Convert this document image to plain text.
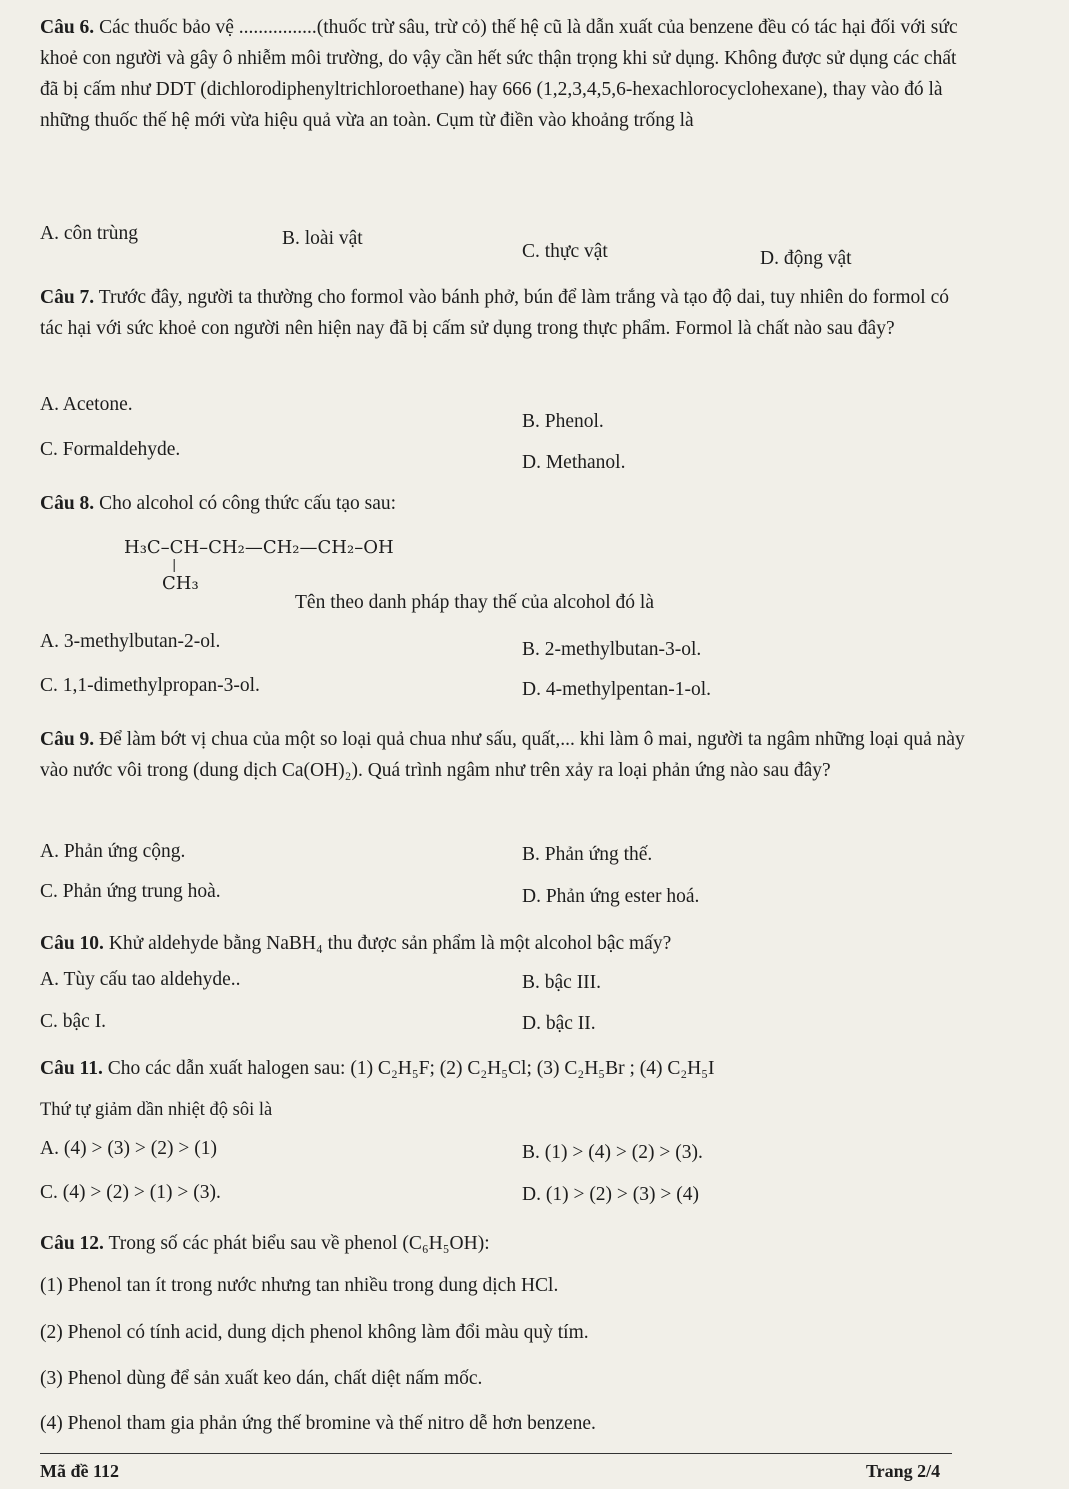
Câu 6. Các thuốc bảo vệ ................(thuốc trừ sâu, trừ cỏ) thế hệ cũ là dẫn xuất của benzene đều có tác hại đối với sức khoẻ con người và gây ô nhiễm môi trường, do vậy cần hết sức thận trọng khi sử dụng. Không được sử dụng các chất đã bị cấm như DDT (dichlorodiphenyltrichloroethane) hay 666 (1,2,3,4,5,6-hexachlorocyclohexane), thay vào đó là những thuốc thế hệ mới vừa hiệu quả vừa an toàn. Cụm từ điền vào khoảng trống là
A. côn trùng	B. loài vật
C. thực vật	D. động vật
Câu 7. Trước đây, người ta thường cho formol vào bánh phở, bún để làm trắng và tạo độ dai, tuy nhiên do formol có tác hại với sức khoẻ con người nên hiện nay đã bị cấm sử dụng trong thực phẩm. Formol là chất nào sau đây?
A. Acetone.
B. Phenol.
C. Formaldehyde.
D. Methanol.
Câu 8. Cho alcohol có công thức cấu tạo sau:
H₃C–CH–CH₂—CH₂—CH₂–OH
|
CH₃
Tên theo danh pháp thay thế của alcohol đó là
A. 3-methylbutan-2-ol.	B. 2-methylbutan-3-ol.
C. 1,1-dimethylpropan-3-ol.	D. 4-methylpentan-1-ol.
Câu 9. Để làm bớt vị chua của một so loại quả chua như sấu, quất,... khi làm ô mai, người ta ngâm những loại quả này vào nước vôi trong (dung dịch Ca(OH)₂). Quá trình ngâm như trên xảy ra loại phản ứng nào sau đây?
A. Phản ứng cộng.	B. Phản ứng thế.
C. Phản ứng trung hoà.	D. Phản ứng ester hoá.
Câu 10. Khử aldehyde bằng NaBH₄ thu được sản phẩm là một alcohol bậc mấy?
A. Tùy cấu tao aldehyde..	B. bậc III.
C. bậc I.	D. bậc II.
Câu 11. Cho các dẫn xuất halogen sau: (1) C₂H₅F; (2) C₂H₅Cl; (3) C₂H₅Br ; (4) C₂H₅I
Thứ tự giảm dần nhiệt độ sôi là
A. (4) > (3) > (2) > (1)	B. (1) > (4) > (2) > (3).
C. (4) > (2) > (1) > (3).	D. (1) > (2) > (3) > (4)
Câu 12. Trong số các phát biểu sau về phenol (C₆H₅OH):
(1) Phenol tan ít trong nước nhưng tan nhiều trong dung dịch HCl.
(2) Phenol có tính acid, dung dịch phenol không làm đổi màu quỳ tím.
(3) Phenol dùng để sản xuất keo dán, chất diệt nấm mốc.
(4) Phenol tham gia phản ứng thế bromine và thế nitro dễ hơn benzene.
Mã đề 112	Trang 2/4
